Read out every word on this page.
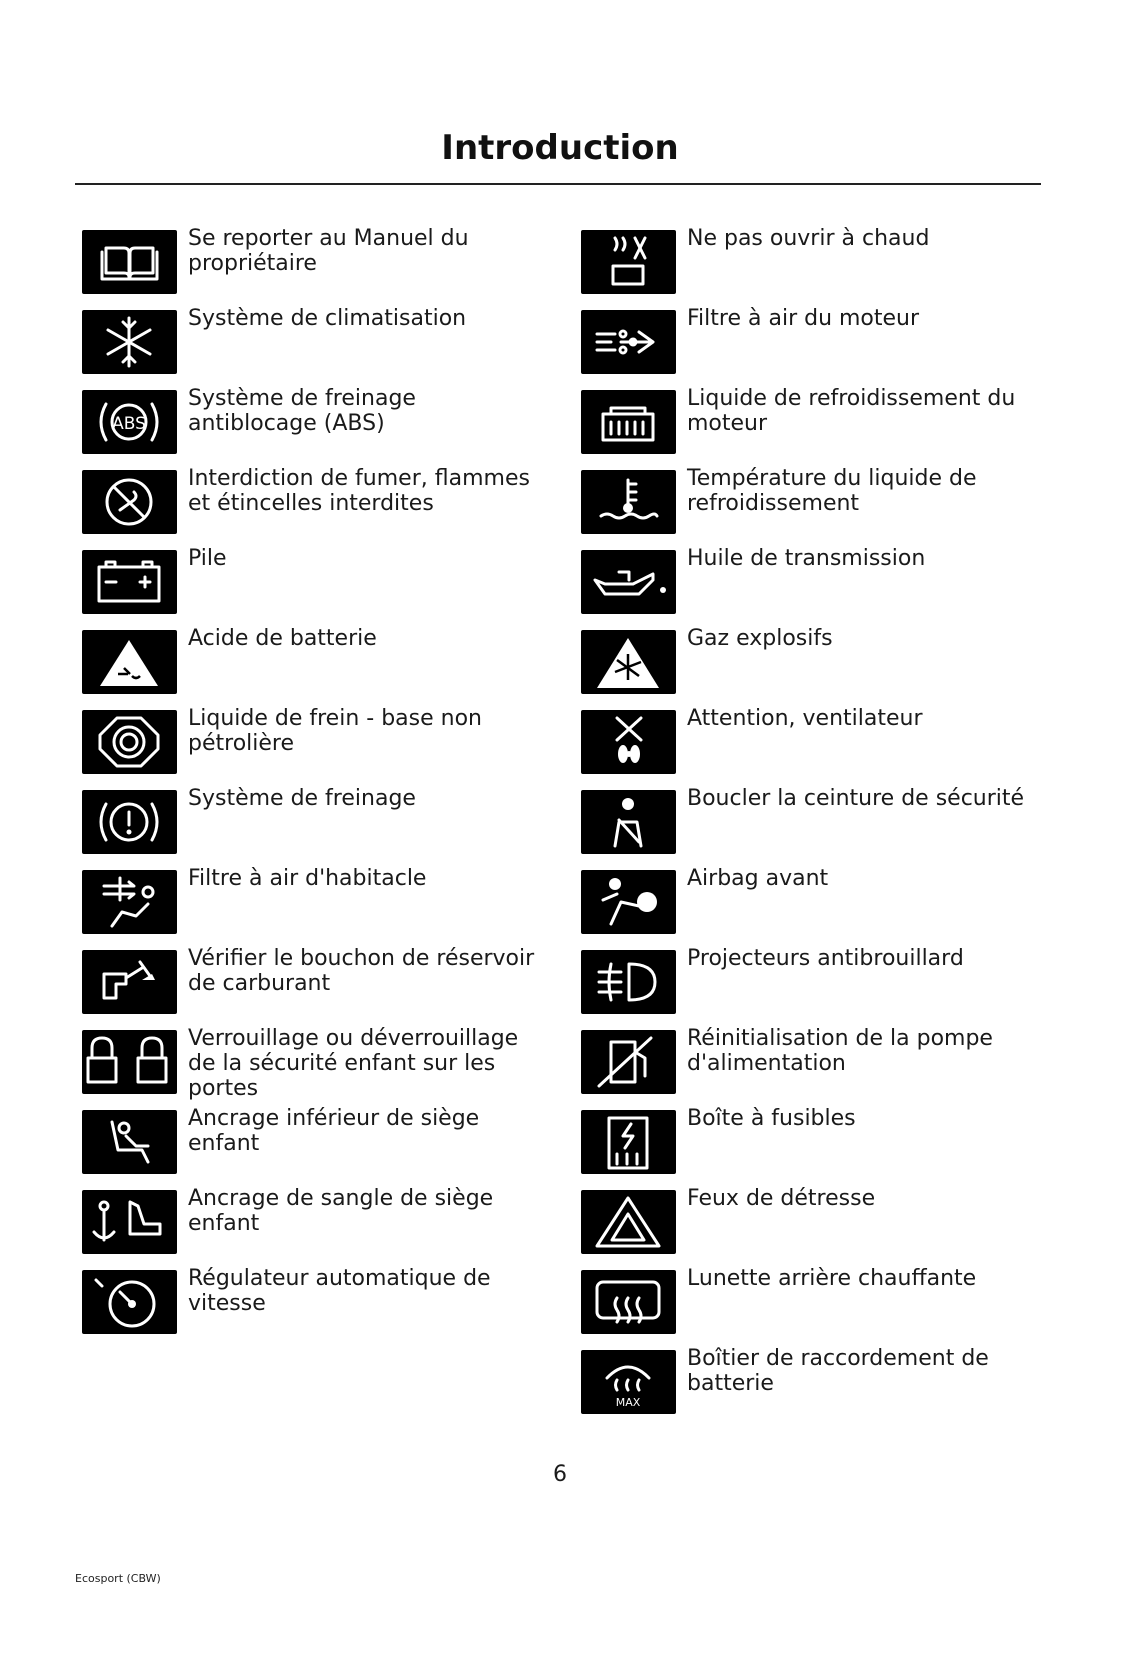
Introduction
Se reporter au Manuel du propriétaire
Système de climatisation
ABS
Système de freinage antiblocage (ABS)
Interdiction de fumer, flammes et étincelles interdites
Pile
Acide de batterie
Liquide de frein - base non pétrolière
Système de freinage
Filtre à air d'habitacle
Vérifier le bouchon de réservoir de carburant
Verrouillage ou déverrouillage de la sécurité enfant sur les portes
Ancrage inférieur de siège enfant
Ancrage de sangle de siège enfant
Régulateur automatique de vitesse
Ne pas ouvrir à chaud
Filtre à air du moteur
Liquide de refroidissement du moteur
Température du liquide de refroidissement
Huile de transmission
Gaz explosifs
Attention, ventilateur
Boucler la ceinture de sécurité
Airbag avant
Projecteurs antibrouillard
Réinitialisation de la pompe d'alimentation
Boîte à fusibles
Feux de détresse
Lunette arrière chauffante
MAX
Boîtier de raccordement de batterie
6
Ecosport (CBW)
